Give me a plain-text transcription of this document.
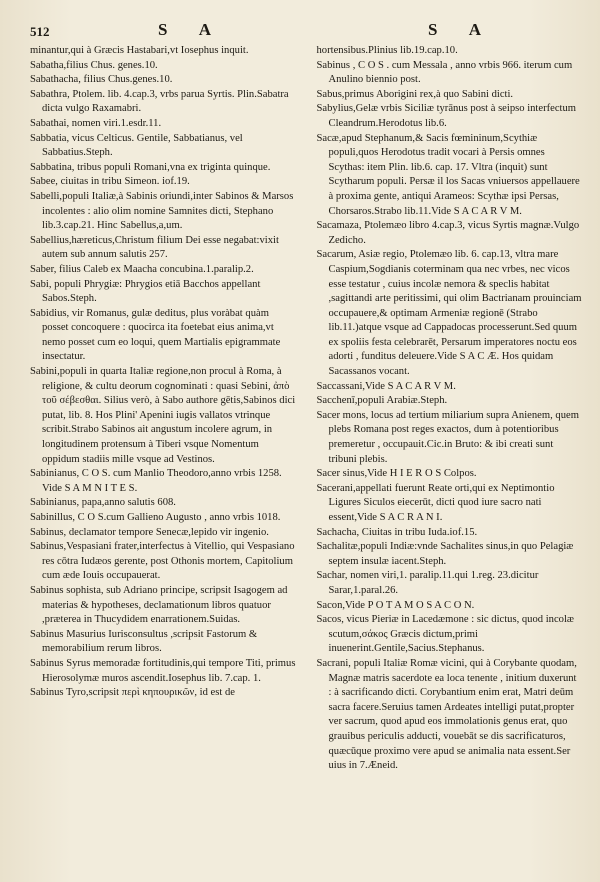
512	S A	S A

minantur,qui à Græcis Hastabari,vt Iosephus inquit.

Sabatha,filius Chus. genes.10.

Sabathacha, filius Chus.genes.10.

Sabathra, Ptolem. lib. 4.cap.3, vrbs parua Syrtis. Plin.Sabatra dicta vulgo Raxamabri.

Sabathai, nomen viri.1.esdr.11.

Sabbatia, vicus Celticus. Gentile, Sabbatianus, vel Sabbatius.Steph.

Sabbatina, tribus populi Romani,vna ex triginta quinque.

Sabee, ciuitas in tribu Simeon. iof.19.

Sabelli,populi Italiæ,à Sabinis oriundi,inter Sabinos & Marsos incolentes : alio olim nomine Samnites dicti, Stephano lib.3.cap.21. Hinc Sabellus,a,um.

Sabellius,hæreticus,Christum filium Dei esse negabat:vixit autem sub annum salutis 257.

Saber, filius Caleb ex Maacha concubina.1.paralip.2.

Sabi, populi Phrygiæ: Phrygios etiā Bacchos appellant Sabos.Steph.

Sabidius, vir Romanus, gulæ deditus, plus voràbat quàm posset concoquere : quocirca ita foetebat eius anima,vt nemo posset cum eo loqui, quem Martialis epigrammate insectatur.

Sabini,populi in quarta Italiæ regione,non procul à Roma, à religione, & cultu deorum cognominati : quasi Sebini, ἀπὸ τοῦ σέβεσθαι. Silius verò, à Sabo authore gētis,Sabinos dici putat, lib. 8. Hos Plini' Apenini iugis vallatos vtrinque scribit.Strabo Sabinos ait angustum incolere agrum, in longitudinem protensum à Tiberi vsque Nomentum oppidum stadiis mille vsque ad Vestinos.

Sabinianus, C O S. cum Manlio Theodoro,anno vrbis 1258. Vide S A M N I T E S.

Sabinianus, papa,anno salutis 608.

Sabinillus, C O S.cum Gallieno Augusto , anno vrbis 1018.

Sabinus, declamator tempore Senecæ,lepido vir ingenio.

Sabinus,Vespasiani frater,interfectus à Vitellio, qui Vespasiano res cōtra Iudæos gerente, post Othonis mortem, Capitolium cum æde Iouis occupauerat.

Sabinus sophista, sub Adriano principe, scripsit Isagogem ad materias & hypotheses, declamationum libros quatuor ,præterea in Thucydidem enarrationem.Suidas.

Sabinus Masurius Iurisconsultus ,scripsit Fastorum & memorabilium rerum libros.

Sabinus Syrus memoradæ fortitudinis,qui tempore Titi, primus Hierosolymæ muros ascendit.Iosephus lib. 7.cap. 1.

Sabinus Tyro,scripsit περὶ κηπουρικῶν, id est de

hortensibus.Plinius lib.19.cap.10.

Sabinus , C O S . cum Messala , anno vrbis 966. iterum cum Anulino biennio post.

Sabus,primus Aborigini rex,à quo Sabini dicti.

Sabylius,Gelæ vrbis Siciliæ tyrānus post à seipso interfectum Cleandrum.Herodotus lib.6.

Sacæ,apud Stephanum,& Sacis fœmininum,Scythiæ populi,quos Herodotus tradit vocari à Persis omnes Scythas: item Plin. lib.6. cap. 17. Vltra (inquit) sunt Scytharum populi. Persæ il los Sacas vniuersos appellauere à proxima gente, antiqui Arameos: Scythæ ipsi Persas, Chorsaros.Strabo lib.11.Vide S A C A R V M.

Sacamaza, Ptolemæo libro 4.cap.3, vicus Syrtis magnæ.Vulgo Zedicho.

Sacarum, Asiæ regio, Ptolemæo lib. 6. cap.13, vltra mare Caspium,Sogdianis coterminam qua nec vrbes, nec vicos esse testatur , cuius incolæ nemora & speclis habitat ,sagittandi arte peritissimi, qui olim Bactrianam prouinciam occupauere,& optimam Armeniæ regionē (Strabo lib.11.)atque vsque ad Cappadocas processerunt.Sed quum ex spoliis festa celebrarēt, Persarum imperatores noctu eos adorti , funditus deleuere.Vide S A C Æ. Hos quidam Sacassanos vocant.

Saccassani,Vide S A C A R V M.

Sacchenī,populi Arabiæ.Steph.

Sacer mons, locus ad tertium miliarium supra Anienem, quem plebs Romana post reges exactos, dum à potentioribus premeretur , occupauit.Cic.in Bruto: & ibi creati sunt tribuni plebis.

Sacer sinus,Vide H I E R O S Colpos.

Sacerani,appellati fuerunt Reate orti,qui ex Neptimontio Ligures Siculos eiecerūt, dicti quod iure sacro nati essent,Vide S A C R A N I.

Sachacha, Ciuitas in tribu Iuda.iof.15.

Sachalitæ,populi Indiæ:vnde Sachalites sinus,in quo Pelagiæ septem insulæ iacent.Steph.

Sachar, nomen viri,1. paralip.11.qui 1.reg. 23.dicitur Sarar,1.paral.26.

Sacon,Vide P O T A M O S A C O N.

Sacos, vicus Pieriæ in Lacedæmone : sic dictus, quod incolæ scutum,σάκος Græcis dictum,primi inuenerint.Gentile,Sacius.Stephanus.

Sacrani, populi Italiæ Romæ vicini, qui à Corybante quodam, Magnæ matris sacerdote ea loca tenente , initium duxerunt : à sacrificando dicti. Corybantium enim erat, Matri deūm sacra facere.Seruius tamen Ardeates intelligi putat,propter ver sacrum, quod apud eos immolationis genus erat, quo grauibus periculis adducti, vouebāt se dis sacrificaturos, quæcūque proximo vere apud se animalia nata essent.Ser uius in 7.Æneid.
